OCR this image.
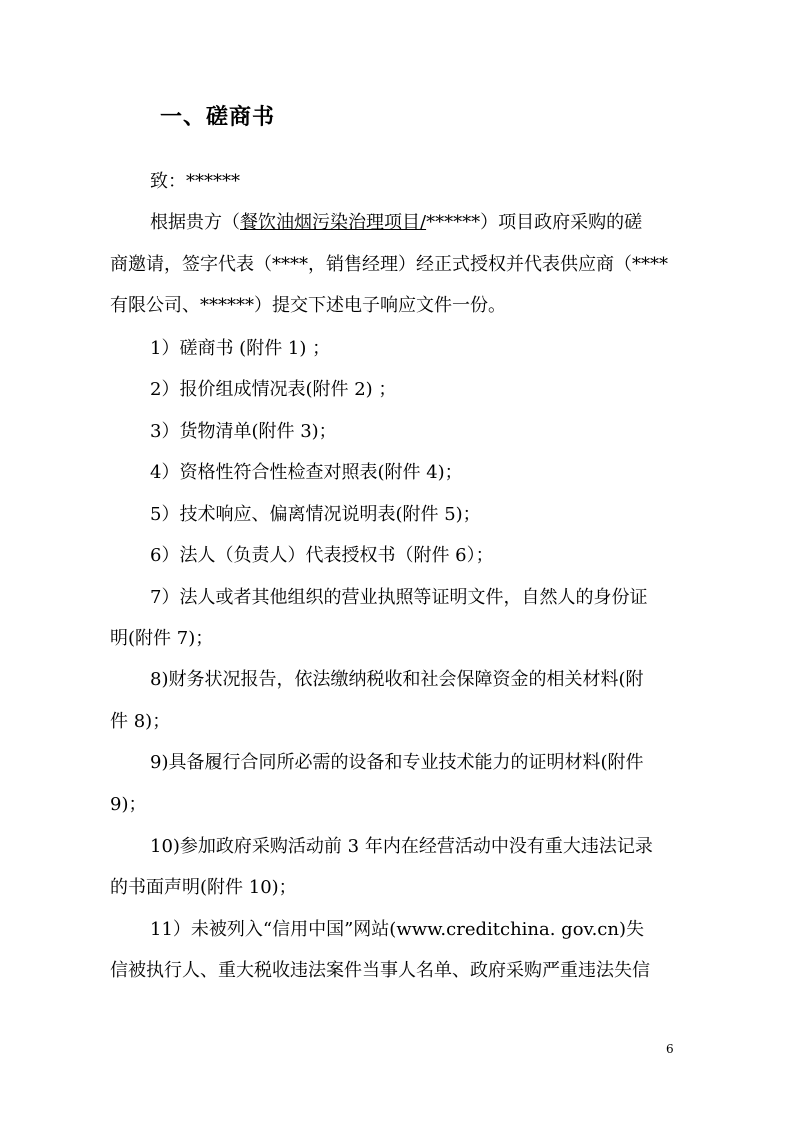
一、磋商书
致：******
根据贵方（餐饮油烟污染治理项目/******）项目政府采购的磋
商邀请，签字代表（****，销售经理）经正式授权并代表供应商（****
有限公司、******）提交下述电子响应文件一份。
1）磋商书 (附件 1) ；
2）报价组成情况表(附件 2) ；
3）货物清单(附件 3)；
4）资格性符合性检查对照表(附件 4)；
5）技术响应、偏离情况说明表(附件 5)；
6）法人（负责人）代表授权书（附件 6）；
7）法人或者其他组织的营业执照等证明文件，自然人的身份证
明(附件 7)；
8)财务状况报告，依法缴纳税收和社会保障资金的相关材料(附
件 8)；
9)具备履行合同所必需的设备和专业技术能力的证明材料(附件
9)；
10)参加政府采购活动前 3 年内在经营活动中没有重大违法记录
的书面声明(附件 10)；
11）未被列入“信用中国”网站(www.creditchina. gov.cn)失
信被执行人、重大税收违法案件当事人名单、政府采购严重违法失信
6
